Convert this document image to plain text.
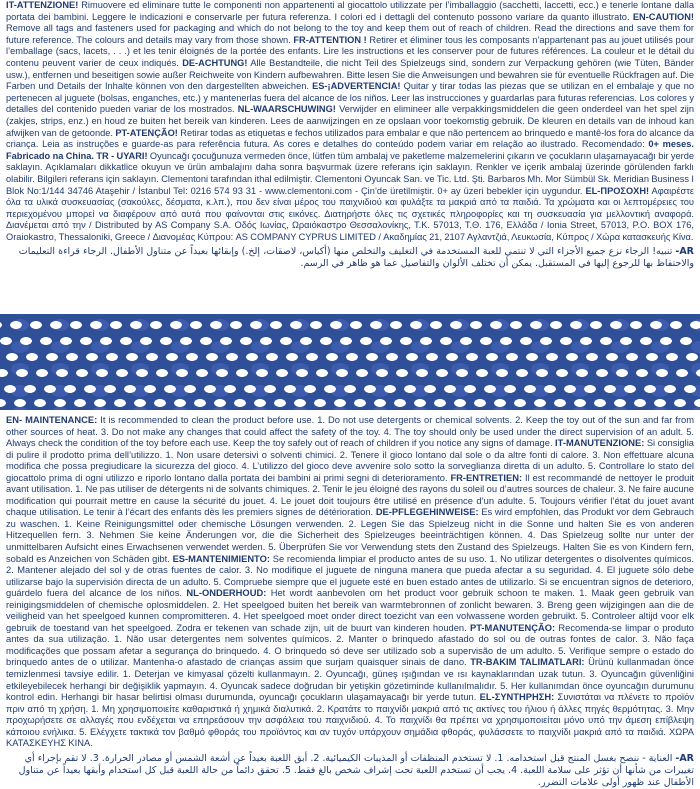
IT-ATTENZIONE! Rimuovere ed eliminare tutte le componenti non appartenenti al giocattolo utilizzate per l’imballaggio (sacchetti, laccetti, ecc.) e tenerle lontane dalla portata dei bambini. Leggere le indicazioni e conservarle per futura referenza. I colori ed i dettagli del contenuto possono variare da quanto illustrato. EN-CAUTION! Remove all tags and fasteners used for packaging and which do not belong to the toy and keep them out of reach of children. Read the directions and save them for future reference. The colours and details may vary from those shown. FR-ATTENTION ! Retirer et éliminer tous les composants n’appartenant pas au jouet utilisés pour l’emballage (sacs, lacets, . . .) et les tenir éloignés de la portée des enfants. Lire les instructions et les conserver pour de futures références. La couleur et le détail du contenu peuvent varier de ceux indiqués. DE-ACHTUNG! Alle Bestandteile, die nicht Teil des Spielzeugs sind, sondern zur Verpackung gehören (wie Tüten, Bänder usw.), entfernen und beseitigen sowie außer Reichweite von Kindern aufbewahren. Bitte lesen Sie die Anweisungen und bewahren sie für eventuelle Rückfragen auf. Die Farben und Details der Inhalte können von den dargestellten abweichen. ES-¡ADVERTENCIA! Quitar y tirar todas las piezas que se utilizan en el embalaje y que no pertenecen al juguete (bolsas, enganches, etc.) y mantenerlas fuera del alcance de los niños. Leer las instrucciones y guardarlas para futuras referencias. Los colores y detalles del contenido pueden variar de los mostrados. NL-WAARSCHUWING! Verwijder en elimineer alle verpakkingsmiddelen die geen onderdeel van het spel zijn (zakjes, strips, enz.) en houd ze buiten het bereik van kinderen. Lees de aanwijzingen en ze opslaan voor toekomstig gebruik. De kleuren en details van de inhoud kan afwijken van de getoonde. PT-ATENÇÃO! Retirar todas as etiquetas e fechos utilizados para embalar e que não pertencem ao brinquedo e mantê-los fora do alcance da criança. Leia as instruções e guarde-as para referência futura. As cores e detalhes do conteúdo podem variar em relação ao ilustrado. Recomendado: 0+ meses. Fabricado na China. TR - UYARI! Oyuncağı çocuğunuza vermeden önce, lütfen tüm ambalaj ve paketleme malzemelerini çıkarın ve çocukların ulaşamayacağı bir yerde saklayın. Açıklamaları dikkatlice okuyun ve ürün ambalajını daha sonra başvurmak üzere referans için saklayın. Renkler ve içerik ambalaj üzerinde görülenden farklı olabilir. Bilgileri referans için saklayın. Clementoni tarafından ithal edilmiştir. Clementoni Oyuncak San. ve Tic. Ltd. Şti. Barbaros Mh. Mor Sümbül Sk. Meridian Business I Blok No:1/144 34746 Ataşehir / İstanbul Tel: 0216 574 93 31 - www.clementoni.com - Çin’de üretilmiştir. 0+ ay üzeri bebekler için uygundur. EL-ΠΡΟΣΟΧΗ! Αφαιρέστε όλα τα υλικά συσκευασίας (σακούλες, δέσματα, κ.λπ.), που δεν είναι μέρος του παιχνιδιού και φυλάξτε τα μακριά από τα παιδιά. Τα χρώματα και οι λεπτομέρειες του περιεχομένου μπορεί να διαφέρουν από αυτά που φαίνονται στις εικόνες. Διατηρήστε όλες τις σχετικές πληροφορίες και τη συσκευασία για μελλοντική αναφορά. Διανέμεται από την / Distributed by AS Company S.A. Οδός Ιωνίας, Ωραιόκαστρο Θεσσαλονίκης, Τ.Κ. 57013, Τ.Θ. 176, Ελλάδα / Ionia Street, 57013, P.O. BOX 176, Oraiokastro, Thessaloniki, Greece / Διανομέας Κύπρου: AS COMPANY CYPRUS LIMITED / Ακαδημίας 21, 2107 Αγλαντζιά, Λευκωσία, Κύπρος / Χώρα κατασκευής Κίνα.

AR- تنبيه! الرجاء نزع جميع الأجزاء التي لا تنتمي للعبة المستخدمة في التغليف والتخلص منها (أكياس، لاصقات، إلخ.) وإبقائها بعيداً عن متناول الأطفال. الرجاء قراءة التعليمات والاحتفاظ بها للرجوع إليها في المستقبل. يمكن أن تختلف الألوان والتفاصيل عما هو ظاهر في الرسم.

EN- MAINTENANCE: It is recommended to clean the product before use. 1. Do not use detergents or chemical solvents. 2. Keep the toy out of the sun and far from other sources of heat. 3. Do not make any changes that could affect the safety of the toy. 4. The toy should only be used under the direct supervision of an adult. 5. Always check the condition of the toy before each use. Keep the toy safely out of reach of children if you notice any signs of damage. IT-MANUTENZIONE: Si consiglia di pulire il prodotto prima dell’utilizzo. 1. Non usare detersivi o solventi chimici. 2. Tenere il gioco lontano dal sole o da altre fonti di calore. 3. Non effettuare alcuna modifica che possa pregiudicare la sicurezza del gioco. 4. L’utilizzo del gioco deve avvenire solo sotto la sorveglianza diretta di un adulto. 5. Controllare lo stato del giocattolo prima di ogni utilizzo e riporlo lontano dalla portata dei bambini ai primi segni di deterioramento. FR-ENTRETIEN: Il est recommandé de nettoyer le produit avant utilisation. 1. Ne pas utiliser de détergents ni de solvants chimiques. 2. Tenir le jeu éloigné des rayons du soleil ou d’autres sources de chaleur. 3. Ne faire aucune modification qui pourrait mettre en cause la sécurité du jouet. 4. Le jouet doit toujours être utilisé en présence d’un adulte. 5. Toujours vérifier l’état du jouet avant chaque utilisation. Le tenir à l’écart des enfants dès les premiers signes de détérioration. DE-PFLEGEHINWEISE: Es wird empfohlen, das Produkt vor dem Gebrauch zu waschen. 1. Keine Reinigungsmittel oder chemische Lösungen verwenden. 2. Legen Sie das Spielzeug nicht in die Sonne und halten Sie es von anderen Hitzequellen fern. 3. Nehmen Sie keine Änderungen vor, die die Sicherheit des Spielzeuges beeinträchtigen können. 4. Das Spielzeug sollte nur unter der unmittelbaren Aufsicht eines Erwachsenen verwendet werden. 5. Überprüfen Sie vor Verwendung stets den Zustand des Spielzeugs. Halten Sie es von Kindern fern, sobald es Anzeichen von Schäden gibt. ES-MANTENIMIENTO: Se recomienda limpiar el producto antes de su uso. 1. No utilizar detergentes o disolventes químicos. 2. Mantener alejado del sol y de otras fuentes de calor. 3. No modifique el juguete de ninguna manera que pueda afectar a su seguridad. 4. El juguete sólo debe utilizarse bajo la supervisión directa de un adulto. 5. Compruebe siempre que el juguete esté en buen estado antes de utilizarlo. Si se encuentran signos de deterioro, guárdelo fuera del alcance de los niños. NL-ONDERHOUD: Het wordt aanbevolen om het product voor gebruik schoon te maken. 1. Maak geen gebruik van reinigingsmiddelen of chemische oplosmiddelen. 2. Het speelgoed buiten het bereik van warmtebronnen of zonlicht bewaren. 3. Breng geen wijzigingen aan die de veiligheid van het speelgoed kunnen compromitteren. 4. Het speelgoed moet onder direct toezicht van een volwassene worden gebruikt. 5. Controleer altijd voor elk gebruik de toestand van het speelgoed. Zodra er tekenen van schade zijn, uit de buurt van kinderen houden. PT-MANUTENÇÃO: Recomenda-se limpar o produto antes da sua utilização. 1. Não usar detergentes nem solventes químicos. 2. Manter o brinquedo afastado do sol ou de outras fontes de calor. 3. Não faça modificações que possam afetar a segurança do brinquedo. 4. O brinquedo só deve ser utilizado sob a supervisão de um adulto. 5. Verifique sempre o estado do brinquedo antes de o utilizar. Mantenha-o afastado de crianças assim que surjam quaisquer sinais de dano. TR-BAKIM TALIMATLARI: Ürünü kullanmadan önce temizlenmesi tavsiye edilir. 1. Deterjan ve kimyasal çözelti kullanmayın. 2. Oyuncağı, güneş ışığından ve ısı kaynaklarından uzak tutun. 3. Oyuncağın güvenliğini etkileyebilecek herhangi bir değişiklik yapmayın. 4. Oyuncak sadece doğrudan bir yetişkin gözetiminde kullanılmalıdır. 5. Her kullanımdan önce oyuncağın durumunu kontrol edin. Herhangi bir hasar belirtisi olması durumunda, oyuncağı çocukların ulaşamayacağı bir yerde tutun. EL-ΣΥΝΤΗΡΗΣΗ: Συνιστάται να πλένετε το προϊόν πριν από τη χρήση. 1. Μη χρησιμοποιείτε καθαριστικά ή χημικά διαλυτικά. 2. Κρατάτε το παιχνίδι μακριά από τις ακτίνες του ήλιου ή άλλες πηγές θερμότητας. 3. Μην προχωρήσετε σε αλλαγές που ενδέχεται να επηρεάσουν την ασφάλεια του παιχνιδιού. 4. Το παιχνίδι θα πρέπει να χρησιμοποιείται μόνο υπό την άμεση επίβλεψη κάποιου ενήλικα. 5. Ελέγχετε τακτικά τον βαθμό φθοράς του προϊόντος και αν τυχόν υπάρχουν σημάδια φθοράς, φυλάσσετε το παιχνίδι μακριά από τα παιδιά. ΧΩΡΑ ΚΑΤΑΣΚΕΥΗΣ ΚΙΝΑ.

AR- العناية - ننصح بغسل المنتج قبل استخدامه. 1. لا تستخدم المنظفات أو المذيبات الكيميائية. 2. أبق اللعبة بعيداً عن أشعة الشمس أو مصادر الحرارة. 3. لا تقم بإجراء أي تغييرات من شأنها أن تؤثر على سلامة اللعبة. 4. يجب أن تستخدم اللعبة تحت إشراف شخص بالغ فقط. 5. تحقق دائماً من حالة اللعبة قبل كل استخدام وأبقها بعيداً عن متناول الأطفال عند ظهور أولى علامات التضرر.
